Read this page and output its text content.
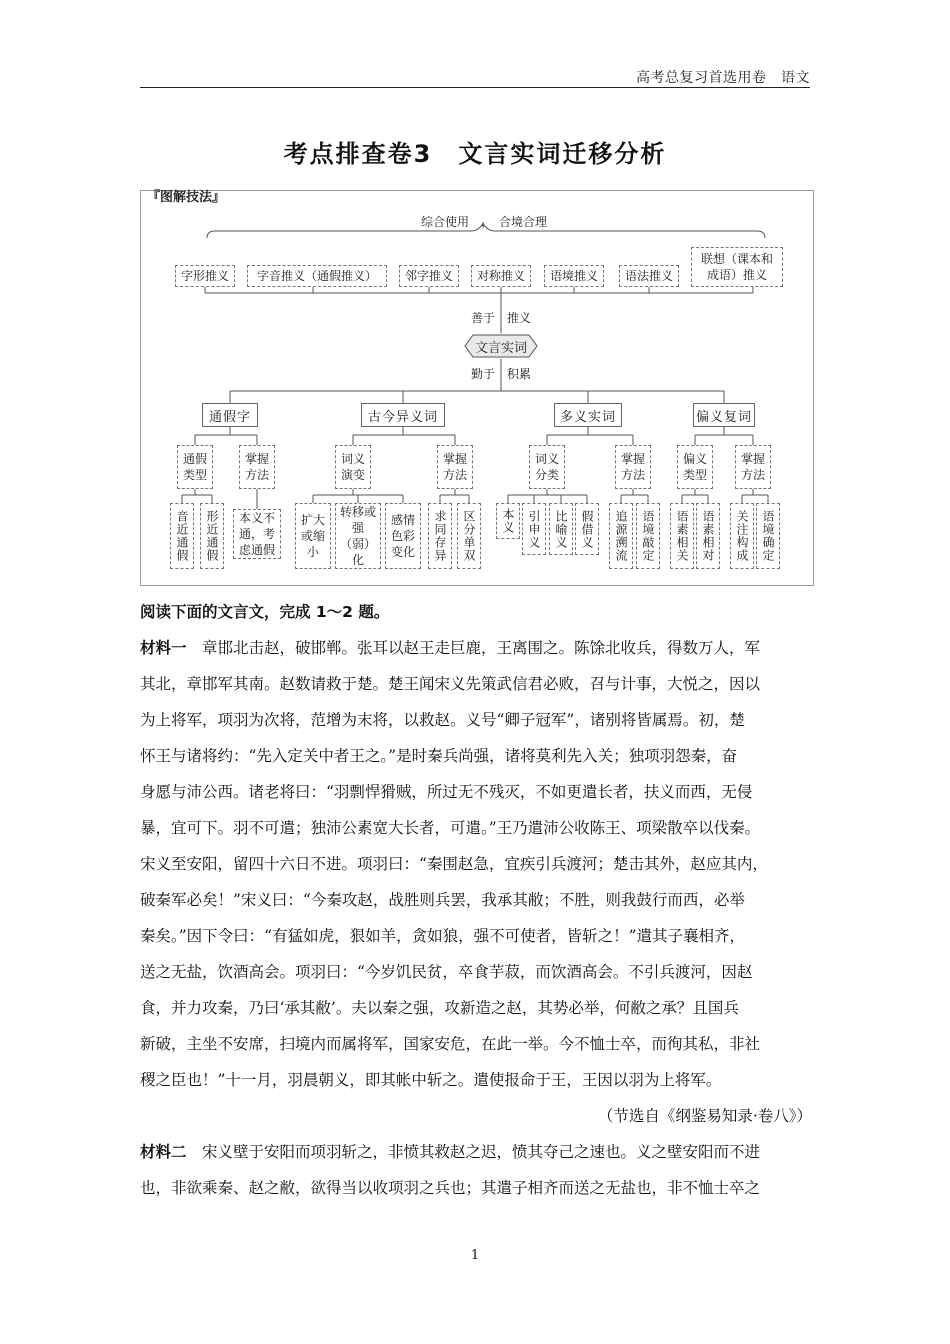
高考总复习首选用卷　语文
考点排查卷3　文言实词迁移分析
『图解技法』
综合使用　，　合境合理
字形推义	字音推义（通假推义）	邻字推义	对称推义	语境推义	语法推义
联想（课本和成语）推义
善于　推义
文言实词
勤于　积累
通假字	古今异义词	多义实词	偏义复词
通假类型
掌握方法
词义演变
掌握方法
词义分类
掌握方法
偏义类型
掌握方法
音近通假	形近通假	本义不通，考虑通假
扩大或缩小
转移或强（弱）化
感情色彩变化	求同存异	区分单双	本义	引申义	比喻义	假借义	追源溯流	语境敲定	语素相关	语素相对	关注构成	语境确定
阅读下面的文言文，完成 1～2 题。
材料一　 章邯北击赵，破邯郸。张耳以赵王走巨鹿，王离围之。陈馀北收兵，得数万人，军
其北，章邯军其南。赵数请救于楚。楚王闻宋义先策武信君必败，召与计事，大悦之，因以
为上将军，项羽为次将，范增为末将，以救赵。义号“卿子冠军”，诸别将皆属焉。初，楚
怀王与诸将约：“先入定关中者王之。”是时秦兵尚强，诸将莫利先入关；独项羽怨秦，奋
身愿与沛公西。诸老将曰：“羽剽悍猾贼，所过无不残灭，不如更遣长者，扶义而西，无侵
暴，宜可下。羽不可遣；独沛公素宽大长者，可遣。”王乃遣沛公收陈王、项梁散卒以伐秦。
宋义至安阳，留四十六日不进。项羽曰：“秦围赵急，宜疾引兵渡河；楚击其外，赵应其内，
破秦军必矣！”宋义曰：“今秦攻赵，战胜则兵罢，我承其敝；不胜，则我鼓行而西，必举
秦矣。”因下令曰：“有猛如虎，狠如羊，贪如狼，强不可使者，皆斩之！”遣其子襄相齐，
送之无盐，饮酒高会。项羽曰：“今岁饥民贫，卒食芋菽，而饮酒高会。不引兵渡河，因赵
食，并力攻秦，乃曰‘承其敝’。夫以秦之强，攻新造之赵，其势必举，何敝之承？且国兵
新破，主坐不安席，扫境内而属将军，国家安危，在此一举。今不恤士卒，而徇其私，非社
稷之臣也！”十一月，羽晨朝义，即其帐中斩之。遣使报命于王，王因以羽为上将军。
（节选自《纲鉴易知录·卷八》）
材料二　 宋义壁于安阳而项羽斩之，非愤其救赵之迟，愤其夺己之速也。义之壁安阳而不进
也，非欲乘秦、赵之敝，欲得当以收项羽之兵也；其遣子相齐而送之无盐也，非不恤士卒之
1
